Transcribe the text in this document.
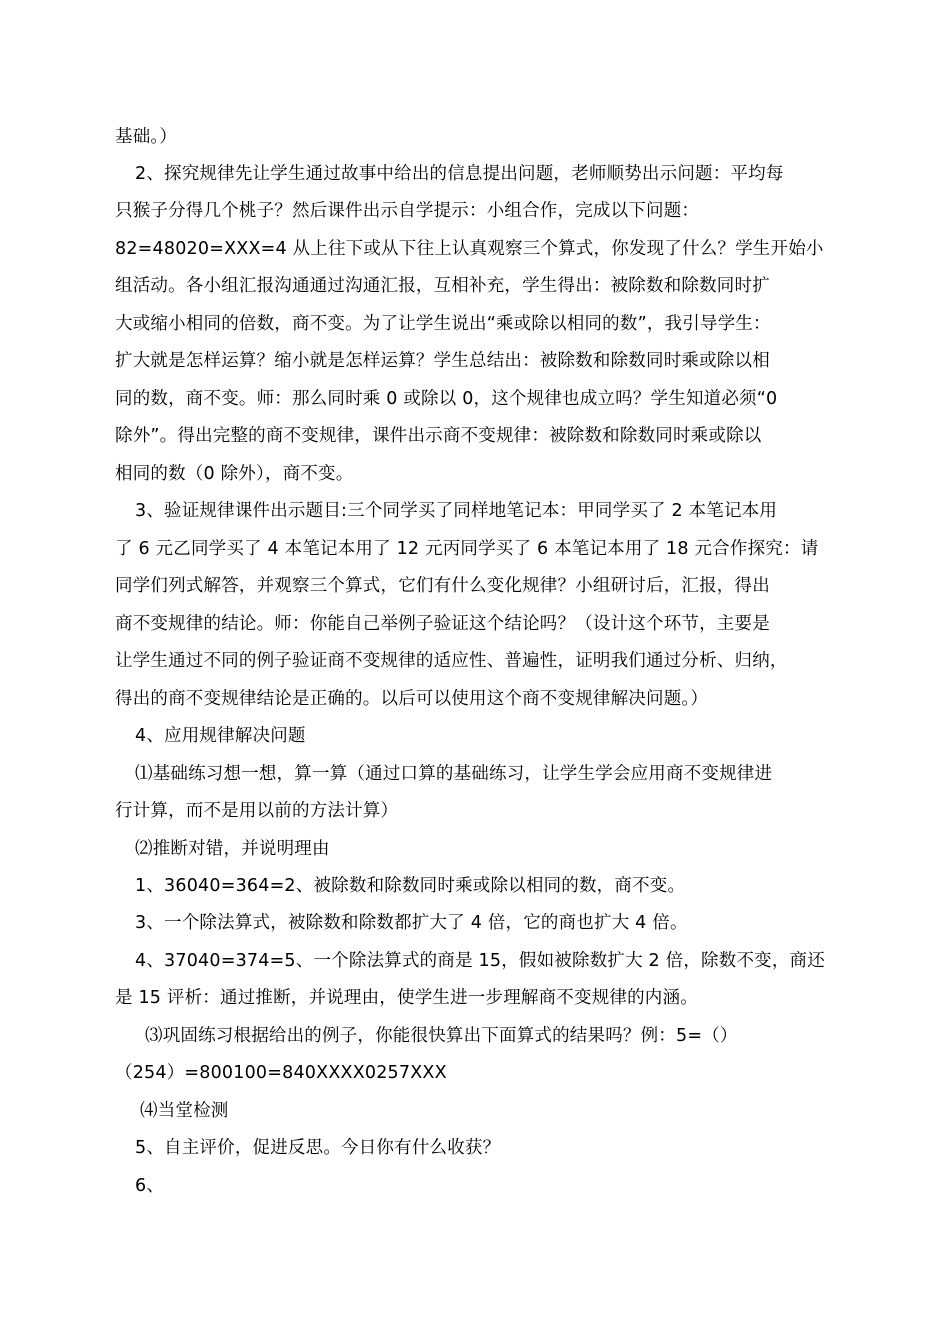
基础。）
2、探究规律先让学生通过故事中给出的信息提出问题，老师顺势出示问题：平均每
只猴子分得几个桃子？然后课件出示自学提示：小组合作，完成以下问题：
82=48020=XXX=4 从上往下或从下往上认真观察三个算式，你发现了什么？学生开始小
组活动。各小组汇报沟通通过沟通汇报，互相补充，学生得出：被除数和除数同时扩
大或缩小相同的倍数，商不变。为了让学生说出“乘或除以相同的数”，我引导学生：
扩大就是怎样运算？缩小就是怎样运算？学生总结出：被除数和除数同时乘或除以相
同的数，商不变。师：那么同时乘 0 或除以 0，这个规律也成立吗？学生知道必须“0
除外”。得出完整的商不变规律，课件出示商不变规律：被除数和除数同时乘或除以
相同的数（0 除外），商不变。
3、验证规律课件出示题目:三个同学买了同样地笔记本：甲同学买了 2 本笔记本用
了 6 元乙同学买了 4 本笔记本用了 12 元丙同学买了 6 本笔记本用了 18 元合作探究：请
同学们列式解答，并观察三个算式，它们有什么变化规律？小组研讨后，汇报，得出
商不变规律的结论。师：你能自己举例子验证这个结论吗？（设计这个环节，主要是
让学生通过不同的例子验证商不变规律的适应性、普遍性，证明我们通过分析、归纳，
得出的商不变规律结论是正确的。以后可以使用这个商不变规律解决问题。）
4、应用规律解决问题
⑴基础练习想一想，算一算（通过口算的基础练习，让学生学会应用商不变规律进
行计算，而不是用以前的方法计算）
⑵推断对错，并说明理由
1、36040=364=2、被除数和除数同时乘或除以相同的数，商不变。
3、一个除法算式，被除数和除数都扩大了 4 倍，它的商也扩大 4 倍。
4、37040=374=5、一个除法算式的商是 15，假如被除数扩大 2 倍，除数不变，商还
是 15 评析：通过推断，并说理由，使学生进一步理解商不变规律的内涵。
⑶巩固练习根据给出的例子，你能很快算出下面算式的结果吗？例：5=（）
（254）=800100=840XXXX0257XXX
⑷当堂检测
5、自主评价，促进反思。今日你有什么收获？
6、
